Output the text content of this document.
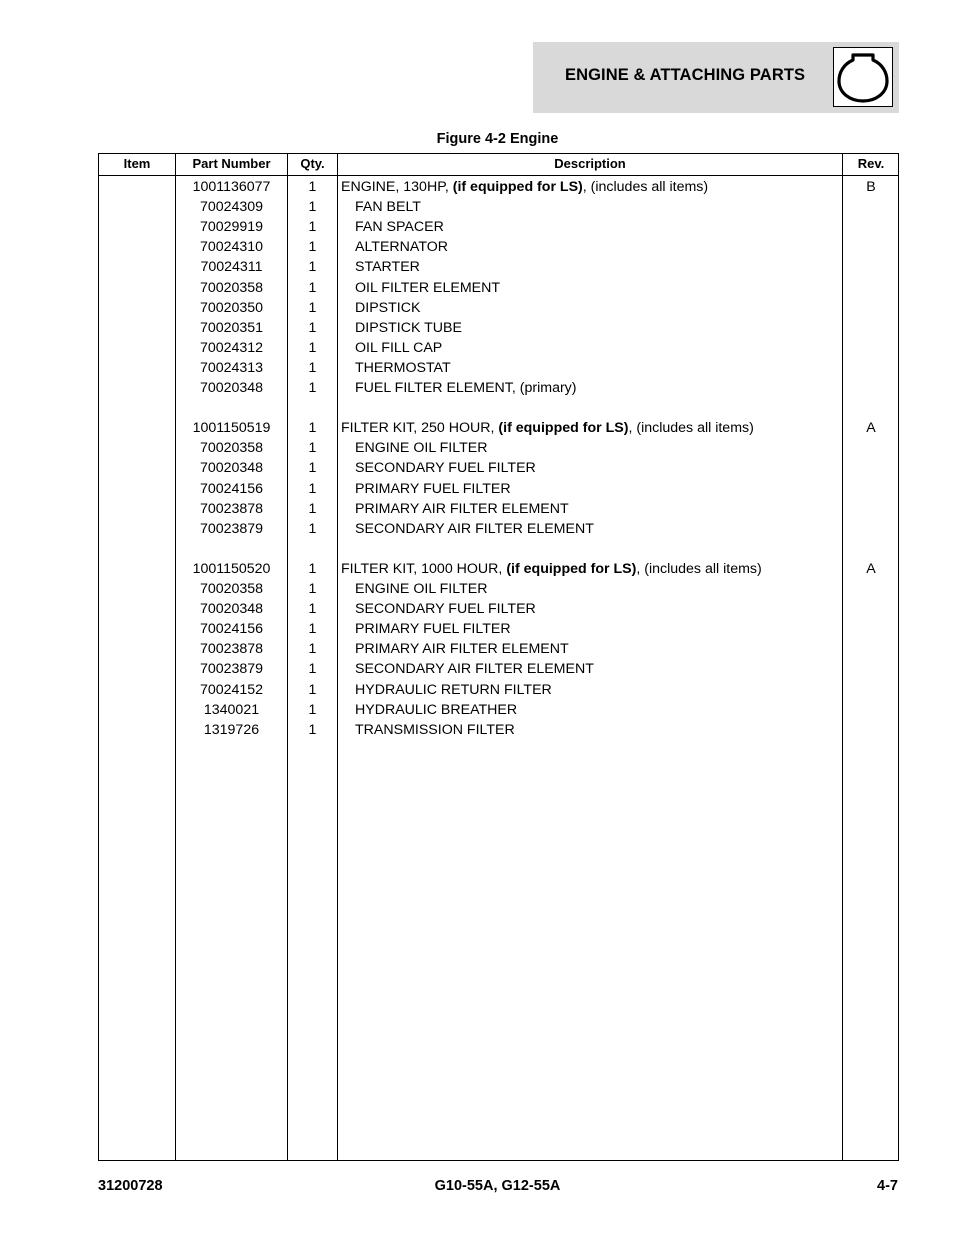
ENGINE & ATTACHING PARTS
Figure 4-2 Engine
Item	Part Number	Qty.	Description	Rev.
1001136077	1	ENGINE, 130HP, (if equipped for LS), (includes all items)	B
70024309	1	FAN BELT
70029919	1	FAN SPACER
70024310	1	ALTERNATOR
70024311	1	STARTER
70020358	1	OIL FILTER ELEMENT
70020350	1	DIPSTICK
70020351	1	DIPSTICK TUBE
70024312	1	OIL FILL CAP
70024313	1	THERMOSTAT
70020348	1	FUEL FILTER ELEMENT, (primary)
1001150519	1	FILTER KIT, 250 HOUR, (if equipped for LS), (includes all items)	A
70020358	1	ENGINE OIL FILTER
70020348	1	SECONDARY FUEL FILTER
70024156	1	PRIMARY FUEL FILTER
70023878	1	PRIMARY AIR FILTER ELEMENT
70023879	1	SECONDARY AIR FILTER ELEMENT
1001150520	1	FILTER KIT, 1000 HOUR, (if equipped for LS), (includes all items)	A
70020358	1	ENGINE OIL FILTER
70020348	1	SECONDARY FUEL FILTER
70024156	1	PRIMARY FUEL FILTER
70023878	1	PRIMARY AIR FILTER ELEMENT
70023879	1	SECONDARY AIR FILTER ELEMENT
70024152	1	HYDRAULIC RETURN FILTER
1340021	1	HYDRAULIC BREATHER
1319726	1	TRANSMISSION FILTER
31200728	G10-55A, G12-55A	4-7
